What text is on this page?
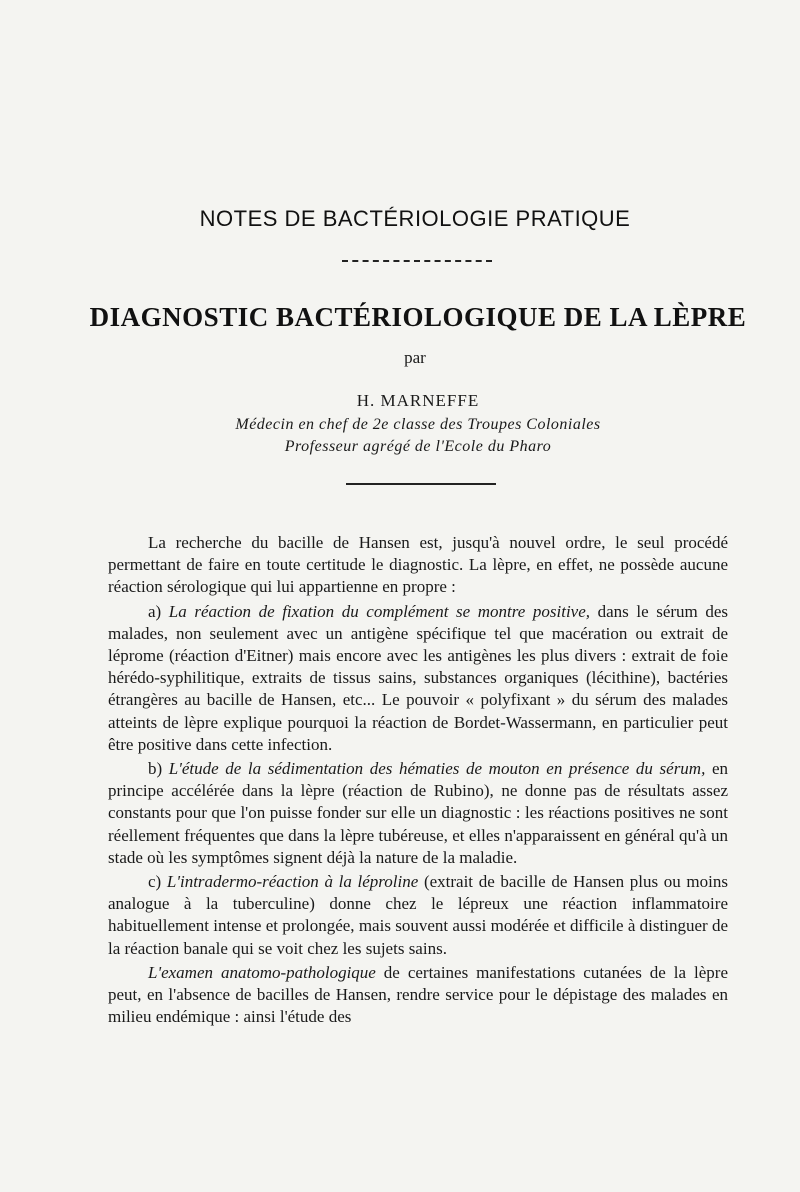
NOTES DE BACTÉRIOLOGIE PRATIQUE
DIAGNOSTIC BACTÉRIOLOGIQUE DE LA LÈPRE
par
H. MARNEFFE
Médecin en chef de 2e classe des Troupes Coloniales
Professeur agrégé de l'Ecole du Pharo

La recherche du bacille de Hansen est, jusqu'à nouvel ordre, le seul procédé permettant de faire en toute certitude le diagnostic. La lèpre, en effet, ne possède aucune réaction sérologique qui lui appartienne en propre :

a) La réaction de fixation du complément se montre positive, dans le sérum des malades, non seulement avec un antigène spécifique tel que macération ou extrait de léprome (réaction d'Eitner) mais encore avec les antigènes les plus divers : extrait de foie hérédo-syphilitique, extraits de tissus sains, substances organiques (lécithine), bactéries étrangères au bacille de Hansen, etc... Le pouvoir « polyfixant » du sérum des malades atteints de lèpre explique pourquoi la réaction de Bordet-Wassermann, en particulier peut être positive dans cette infection.

b) L'étude de la sédimentation des hématies de mouton en présence du sérum, en principe accélérée dans la lèpre (réaction de Rubino), ne donne pas de résultats assez constants pour que l'on puisse fonder sur elle un diagnostic : les réactions positives ne sont réellement fréquentes que dans la lèpre tubéreuse, et elles n'apparaissent en général qu'à un stade où les symptômes signent déjà la nature de la maladie.

c) L'intradermo-réaction à la léproline (extrait de bacille de Hansen plus ou moins analogue à la tuberculine) donne chez le lépreux une réaction inflammatoire habituellement intense et prolongée, mais souvent aussi modérée et difficile à distinguer de la réaction banale qui se voit chez les sujets sains.

L'examen anatomo-pathologique de certaines manifestations cutanées de la lèpre peut, en l'absence de bacilles de Hansen, rendre service pour le dépistage des malades en milieu endémique : ainsi l'étude des
